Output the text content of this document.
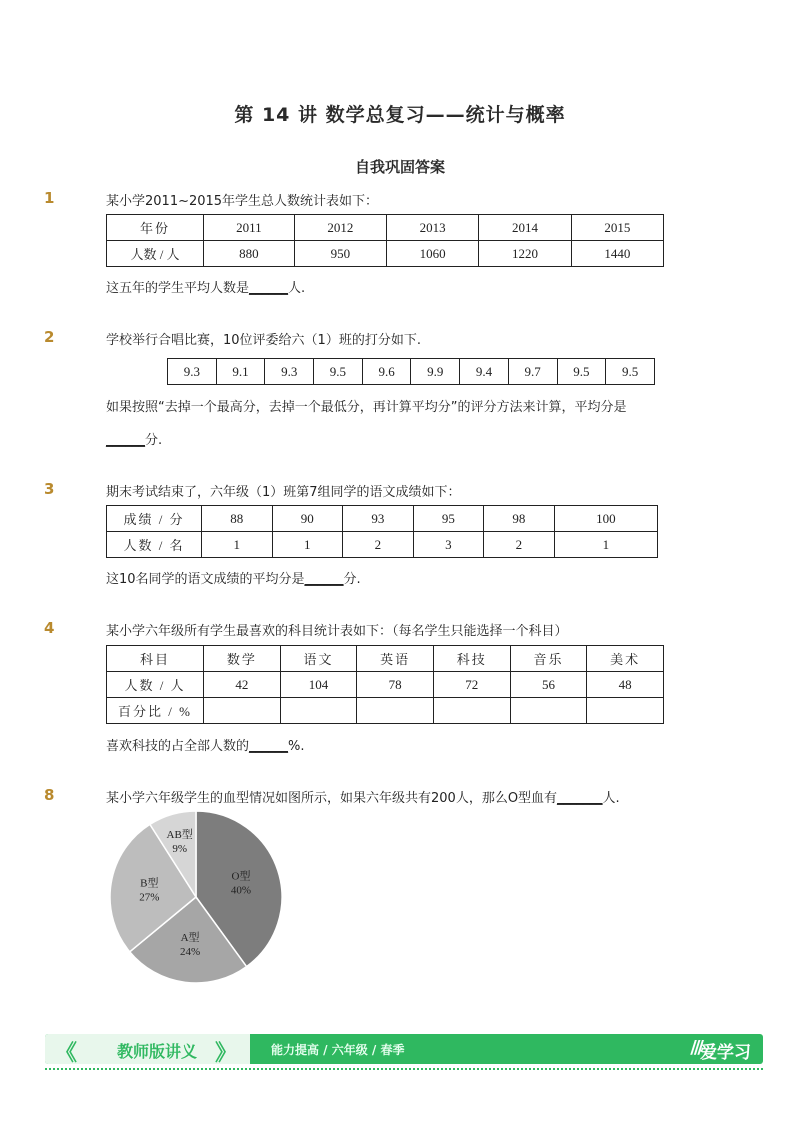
第 14 讲 数学总复习——统计与概率
自我巩固答案
1	某小学2011~2015年学生总人数统计表如下：
年份	2011	2012	2013	2014	2015
人数 / 人	880	950	1060	1220	1440
这五年的学生平均人数是______人.
2	学校举行合唱比赛，10位评委给六（1）班的打分如下.
9.3	9.1	9.3	9.5	9.6	9.9	9.4	9.7	9.5	9.5
如果按照“去掉一个最高分，去掉一个最低分，再计算平均分”的评分方法来计算，平均分是
______分.
3	期末考试结束了，六年级（1）班第7组同学的语文成绩如下：
成绩 / 分	88	90	93	95	98	100
人数 / 名	1	1	2	3	2	1
这10名同学的语文成绩的平均分是______分.
4	某小学六年级所有学生最喜欢的科目统计表如下：（每名学生只能选择一个科目）
科目	数学	语文	英语	科技	音乐	美术
人数 / 人	42	104	78	72	56	48
百分比 / %						
喜欢科技的占全部人数的______%.
8	某小学六年级学生的血型情况如图所示，如果六年级共有200人，那么O型血有_______人.
O型
40%
A型
24%
B型
27%
AB型
9%
《 教师版讲义 》	能力提高 / 六年级 / 春季	/// 爱学习
